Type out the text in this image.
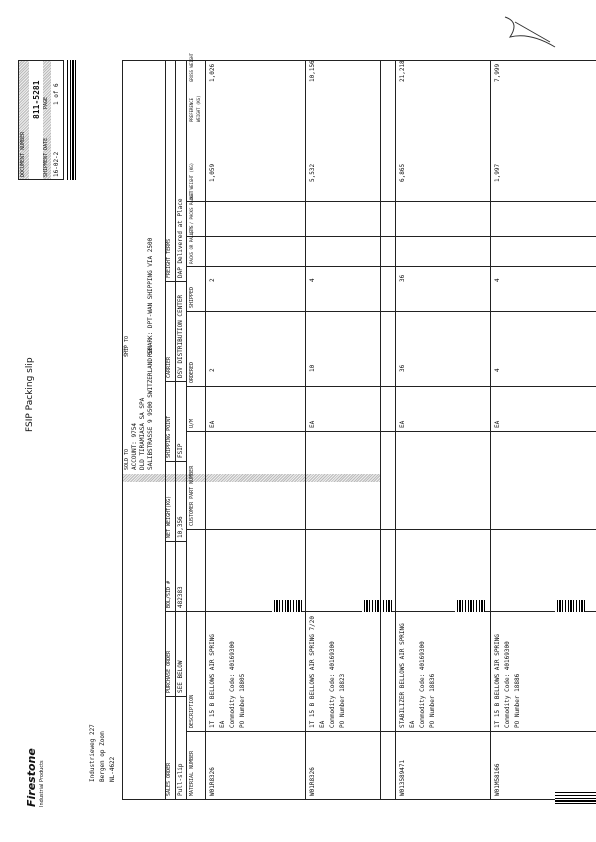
DOCUMENT NUMBER
811-5281
SHIPMENT DATE 16-02-2
PAGE 1 of 6
FSIP Packing slip
Firestone Industrial Products
Industrieweg 227 Bergen op Zoom NL-4622
SOLD TO ACCOUNT: 9754 DLD TIRAMIASA SA SPA SALIBSTRASSE 9 9500 SWITZERLAND 56
SHIP TO	REMARK: DPT-WAN SHIPPING VIA 2500
SALES ORDER
PURCHASE ORDER
BOL/SID #
NET WEIGHT(KG)
SHIPPING POINT
CARRIER
FREIGHT TERMS
Pull-slip
SEE BELOW
482383
10,356
FSIP
DSV DISTRIBUTION CENTER
DAP Delivered at Place
MATERIAL NUMBER
DESCRIPTION
CUSTOMER PART NUMBER
U/M
ORDERED
SHIPPED
PACKS OR PALLETS
QTY / PACKS PALLET
NET WEIGHT (KG)
PREFERENCE WEIGHT (KG)
GROSS WEIGHT
W01R8326
1T 15 B BELLOWS AIR SPRING EA Commodity Code: 40169300 PO Number 18805
EA
2
2
1,059
1,026
W01R8326
1T 15 B BELLOWS AIR SPRING 7/20 EA Commodity Code: 40169300 PO Number 18823
EA
10
4
5,532
10,156
W013589471
STABILIZER BELLOWS AIR SPRING EA Commodity Code: 40169300 PO Number 18836
EA
36
36
6,865
21,218
W01M58166
1T 15 B BELLOWS AIR SPRING Commodity Code: 40169300 PO Number 18886
EA
4
4
1,997
7,999
